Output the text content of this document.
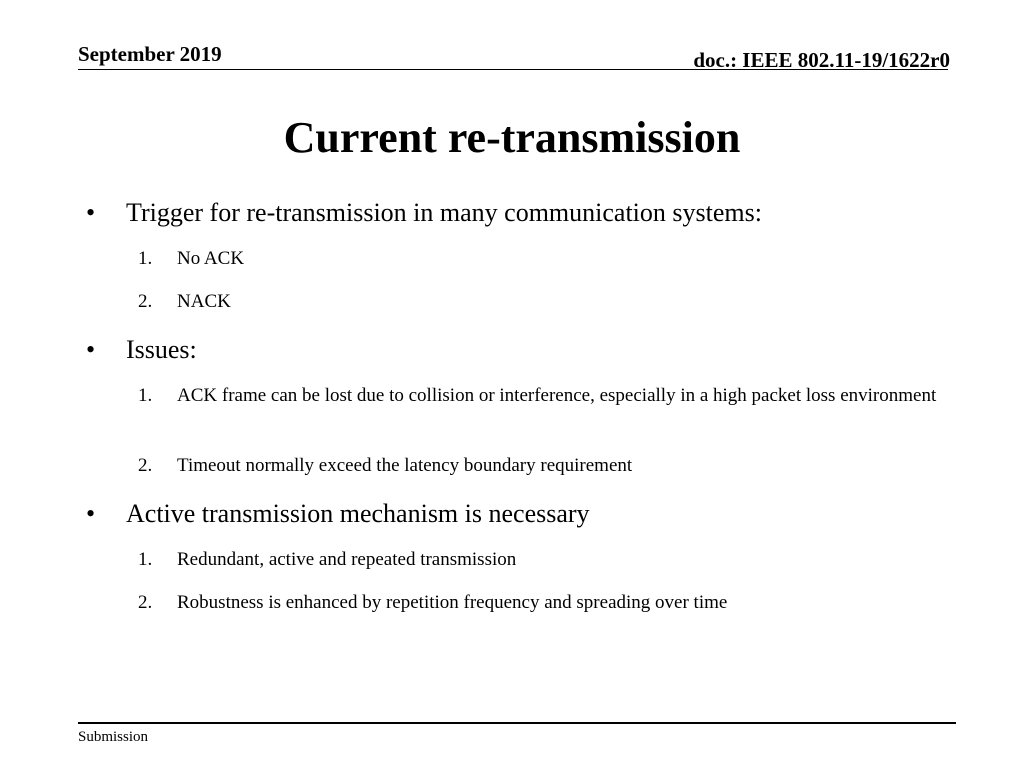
September 2019	doc.: IEEE 802.11-19/1622r0
Current re-transmission
• Trigger for re-transmission in many communication systems:
1. No ACK
2. NACK
• Issues:
1. ACK frame can be lost due to collision or interference, especially in a high packet loss environment
2. Timeout normally exceed the latency boundary requirement
• Active transmission mechanism is necessary
1. Redundant, active and repeated transmission
2. Robustness is enhanced by repetition frequency and spreading over time
Submission
